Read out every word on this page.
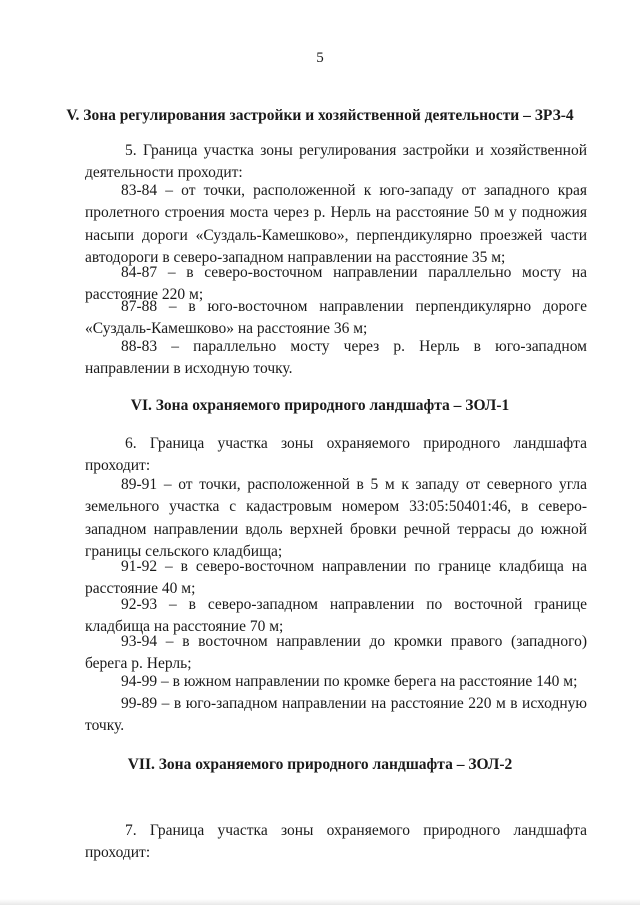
5
V. Зона регулирования застройки и хозяйственной деятельности – ЗРЗ-4
5. Граница участка зоны регулирования застройки и хозяйственной деятельности проходит:
83-84 – от точки, расположенной к юго-западу от западного края пролетного строения моста через р. Нерль на расстояние 50 м у подножия насыпи дороги «Суздаль-Камешково», перпендикулярно проезжей части автодороги в северо-западном направлении на расстояние 35 м;
84-87 – в северо-восточном направлении параллельно мосту на расстояние 220 м;
87-88 – в юго-восточном направлении перпендикулярно дороге «Суздаль-Камешково» на расстояние 36 м;
88-83 – параллельно мосту через р. Нерль в юго-западном направлении в исходную точку.
VI. Зона охраняемого природного ландшафта – ЗОЛ-1
6. Граница участка зоны охраняемого природного ландшафта проходит:
89-91 – от точки, расположенной в 5 м к западу от северного угла земельного участка с кадастровым номером 33:05:50401:46, в северо-западном направлении вдоль верхней бровки речной террасы до южной границы сельского кладбища;
91-92 – в северо-восточном направлении по границе кладбища на расстояние 40 м;
92-93 – в северо-западном направлении по восточной границе кладбища на расстояние 70 м;
93-94 – в восточном направлении до кромки правого (западного) берега р. Нерль;
94-99 – в южном направлении по кромке берега на расстояние 140 м;
99-89 – в юго-западном направлении на расстояние 220 м в исходную точку.
VII. Зона охраняемого природного ландшафта – ЗОЛ-2
7. Граница участка зоны охраняемого природного ландшафта проходит:
